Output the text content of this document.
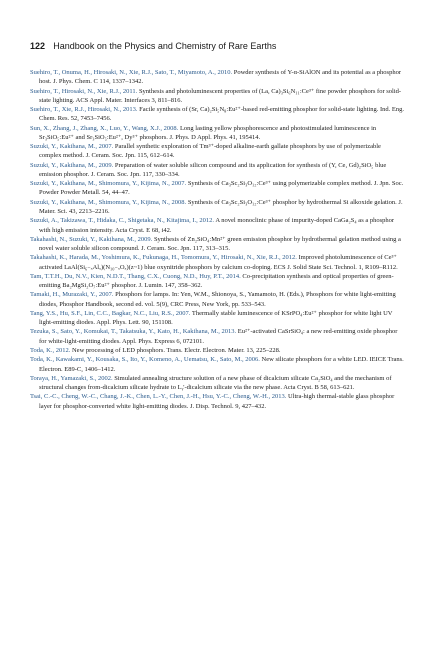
122 Handbook on the Physics and Chemistry of Rare Earths

Suehiro, T., Onuma, H., Hirosaki, N., Xie, R.J., Sato, T., Miyamoto, A., 2010. Powder synthesis of Y-α-SiAlON and its potential as a phosphor host. J. Phys. Chem. C 114, 1337–1342.

Suehiro, T., Hirosaki, N., Xie, R.J., 2011. Synthesis and photoluminescent properties of (La, Ca)₃Si₆N₁₁:Ce³⁺ fine powder phosphors for solid-state lighting. ACS Appl. Mater. Interfaces 3, 811–816.

Suehiro, T., Xie, R.J., Hirosaki, N., 2013. Facile synthesis of (Sr, Ca)₂Si₅N₈:Eu²⁺-based red-emitting phosphor for solid-state lighting. Ind. Eng. Chem. Res. 52, 7453–7456.

Sun, X., Zhang, J., Zhang, X., Luo, Y., Wang, X.J., 2008. Long lasting yellow phosphorescence and photostimulated luminescence in Sr₃SiO₅:Eu²⁺ and Sr₃SiO₅:Eu²⁺, Dy³⁺ phosphors. J. Phys. D Appl. Phys. 41, 195414.

Suzuki, Y., Kakihana, M., 2007. Parallel synthetic exploration of Tm³⁺-doped alkaline-earth gallate phosphors by use of polymerizable complex method. J. Ceram. Soc. Jpn. 115, 612–614.

Suzuki, Y., Kakihana, M., 2009. Preparation of water soluble silicon compound and its application for synthesis of (Y, Ce, Gd)₂SiO₅ blue emission phosphor. J. Ceram. Soc. Jpn. 117, 330–334.

Suzuki, Y., Kakihana, M., Shimomura, Y., Kijima, N., 2007. Synthesis of Ca₃Sc₂Si₃O₁₂:Ce³⁺ using polymerizable complex method. J. Jpn. Soc. Powder Powder Metall. 54, 44–47.

Suzuki, Y., Kakihana, M., Shimomura, Y., Kijima, N., 2008. Synthesis of Ca₃Sc₂Si₃O₁₂:Ce³⁺ phosphor by hydrothermal Si alkoxide gelation. J. Mater. Sci. 43, 2213–2216.

Suzuki, A., Takizawa, T., Hidaka, C., Shigetaka, N., Kitajima, I., 2012. A novel monoclinic phase of impurity-doped CaGa₂S₄ as a phosphor with high emission intensity. Acta Cryst. E 68, i42.

Takahashi, N., Suzuki, Y., Kakihana, M., 2009. Synthesis of Zn₂SiO₄:Mn²⁺ green emission phosphor by hydrothermal gelation method using a novel water soluble silicon compound. J. Ceram. Soc. Jpn. 117, 313–315.

Takahashi, K., Harada, M., Yoshimura, K., Fukunaga, H., Tomomura, Y., Hirosaki, N., Xie, R.J., 2012. Improved photoluminescence of Ce³⁺ activated LaAl(Si₆₋ₓAlₓ)(N₁₀₋ₓOₓ)(z~1) blue oxynitride phosphors by calcium co-doping. ECS J. Solid State Sci. Technol. 1, R109–R112.

Tam, T.T.H., Du, N.V., Kien, N.D.T., Thang, C.X., Cuong, N.D., Huy, P.T., 2014. Co-precipitation synthesis and optical properties of green-emitting Ba₂MgSi₂O₇:Eu²⁺ phosphor. J. Lumin. 147, 358–362.

Tamaki, H., Murazaki, Y., 2007. Phosphors for lamps. In: Yen, W.M., Shionoya, S., Yamamoto, H. (Eds.), Phosphors for white light-emitting diodes, Phosphor Handbook, second ed. vol. 5(9), CRC Press, New York, pp. 533–543.

Tang, Y.S., Hu, S.F., Lin, C.C., Bagkar, N.C., Liu, R.S., 2007. Thermally stable luminescence of KSrPO₄:Eu²⁺ phosphor for white light UV light-emitting diodes. Appl. Phys. Lett. 90, 151108.

Tezuka, S., Sato, Y., Komukai, T., Takatsuka, Y., Kato, H., Kakihana, M., 2013. Eu²⁺-activated CaSrSiO₄: a new red-emitting oxide phosphor for white-light-emitting diodes. Appl. Phys. Express 6, 072101.

Toda, K., 2012. New processing of LED phosphors. Trans. Electr. Electron. Mater. 13, 225–228.

Toda, K., Kawakami, Y., Kousaka, S., Ito, Y., Komeno, A., Uematsu, K., Sato, M., 2006. New silicate phosphors for a white LED. IEICE Trans. Electron. E89-C, 1406–1412.

Toraya, H., Yamazaki, S., 2002. Simulated annealing structure solution of a new phase of dicalcium silicate Ca₂SiO₄ and the mechanism of structural changes from-dicalcium silicate hydrate to Lᵧ'-dicalcium silicate via the new phase. Acta Cryst. B 58, 613–621.

Tsai, C.-C., Cheng, W.-C., Chang, J.-K., Chen, L.-Y., Chen, J.-H., Hsu, Y.-C., Cheng, W.-H., 2013. Ultra-high thermal-stable glass phosphor layer for phosphor-converted white light-emitting diodes. J. Disp. Technol. 9, 427–432.
